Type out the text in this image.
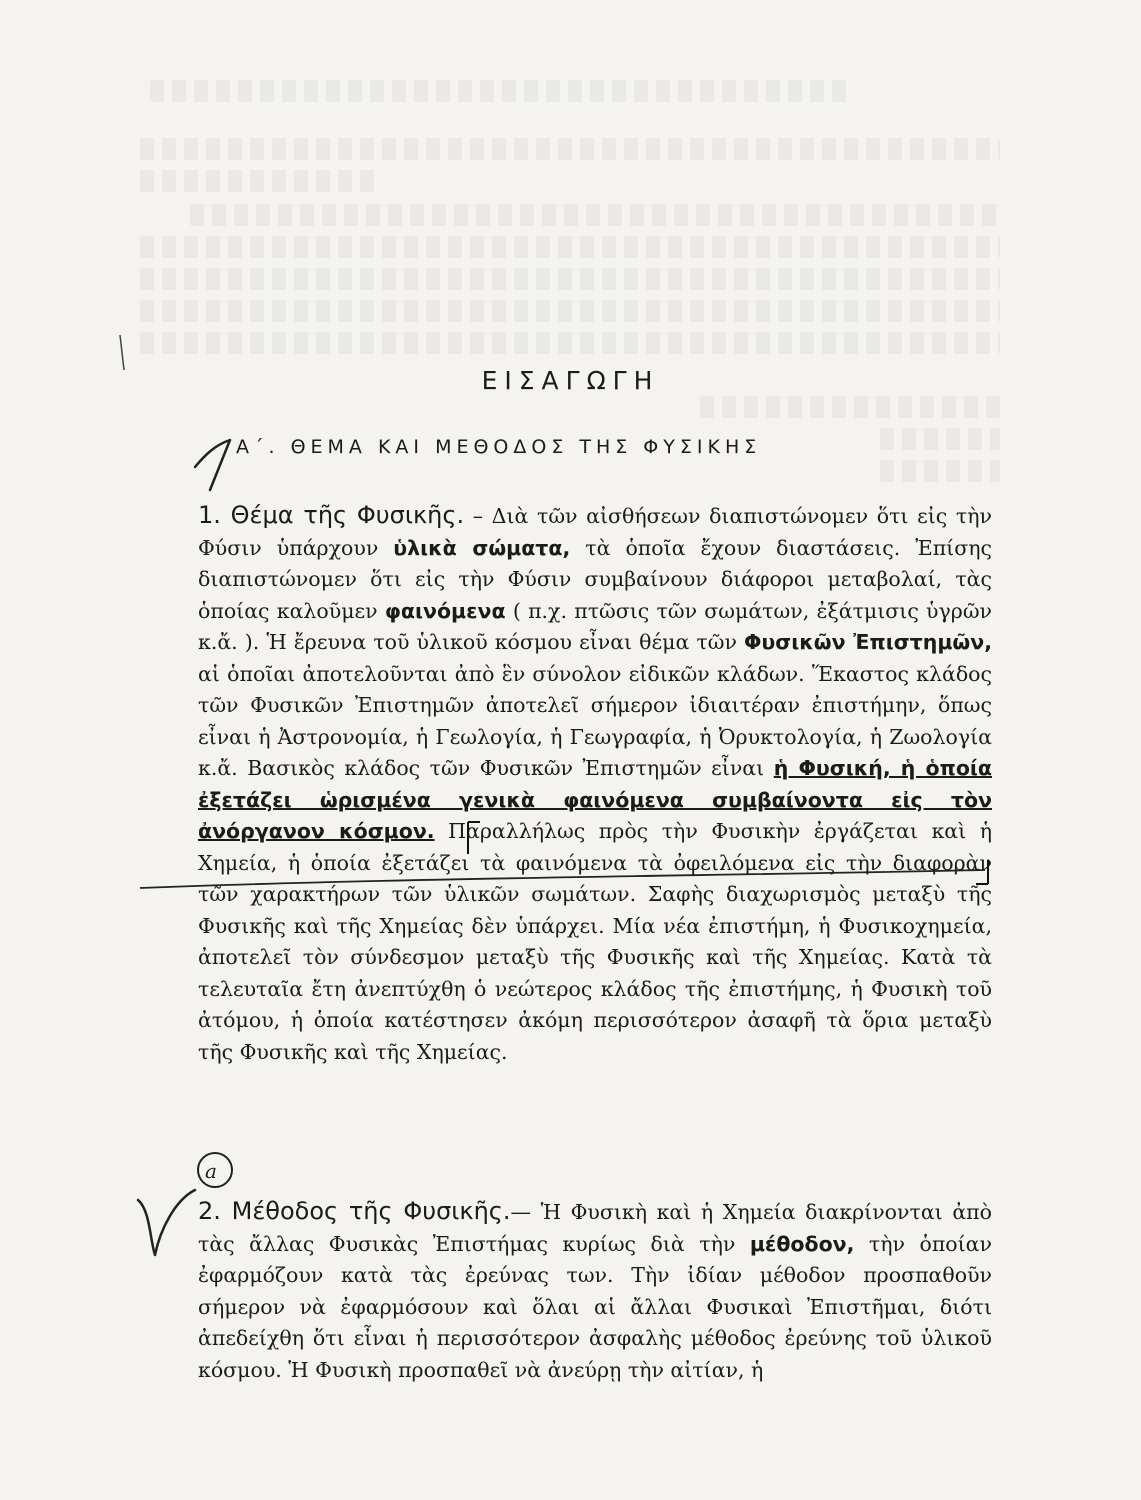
ΕΙΣΑΓΩΓΗ
Α΄. ΘΕΜΑ ΚΑΙ ΜΕΘΟΔΟΣ ΤΗΣ ΦΥΣΙΚΗΣ

1. Θέμα τῆς Φυσικῆς. – Διὰ τῶν αἰσθήσεων διαπιστώνομεν ὅτι εἰς τὴν Φύσιν ὑπάρχουν ὑλικὰ σώματα, τὰ ὁποῖα ἔχουν διαστάσεις. Ἐπίσης διαπιστώνομεν ὅτι εἰς τὴν Φύσιν συμβαίνουν διάφοροι μεταβολαί, τὰς ὁποίας καλοῦμεν φαινόμενα ( π.χ. πτῶσις τῶν σωμάτων, ἐξάτμισις ὑγρῶν κ.ἄ. ). Ἡ ἔρευνα τοῦ ὑλικοῦ κόσμου εἶναι θέμα τῶν Φυσικῶν Ἐπιστημῶν, αἱ ὁποῖαι ἀποτελοῦνται ἀπὸ ἓν σύνολον εἰδικῶν κλάδων. Ἕκαστος κλάδος τῶν Φυσικῶν Ἐπιστημῶν ἀποτελεῖ σήμερον ἰδιαιτέραν ἐπιστήμην, ὅπως εἶναι ἡ Ἀστρονομία, ἡ Γεωλογία, ἡ Γεωγραφία, ἡ Ὀρυκτολογία, ἡ Ζωολογία κ.ἄ. Βασικὸς κλάδος τῶν Φυσικῶν Ἐπιστημῶν εἶναι ἡ Φυσική, ἡ ὁποία ἐξετάζει ὡρισμένα γενικὰ φαινόμενα συμβαίνοντα εἰς τὸν ἀνόργανον κόσμον. Παραλλήλως πρὸς τὴν Φυσικὴν ἐργάζεται καὶ ἡ Χημεία, ἡ ὁποία ἐξετάζει τὰ φαινόμενα τὰ ὀφειλόμενα εἰς τὴν διαφορὰν τῶν χαρακτήρων τῶν ὑλικῶν σωμάτων. Σαφὴς διαχωρισμὸς μεταξὺ τῆς Φυσικῆς καὶ τῆς Χημείας δὲν ὑπάρχει. Μία νέα ἐπιστήμη, ἡ Φυσικοχημεία, ἀποτελεῖ τὸν σύνδεσμον μεταξὺ τῆς Φυσικῆς καὶ τῆς Χημείας. Κατὰ τὰ τελευταῖα ἔτη ἀνεπτύχθη ὁ νεώτερος κλάδος τῆς ἐπιστήμης, ἡ Φυσικὴ τοῦ ἀτόμου, ἡ ὁποία κατέστησεν ἀκόμη περισσότερον ἀσαφῆ τὰ ὅρια μεταξὺ τῆς Φυσικῆς καὶ τῆς Χημείας.

2. Μέθοδος τῆς Φυσικῆς.— Ἡ Φυσικὴ καὶ ἡ Χημεία διακρίνονται ἀπὸ τὰς ἄλλας Φυσικὰς Ἐπιστήμας κυρίως διὰ τὴν μέθοδον, τὴν ὁποίαν ἐφαρμόζουν κατὰ τὰς ἐρεύνας των. Τὴν ἰδίαν μέθοδον προσπαθοῦν σήμερον νὰ ἐφαρμόσουν καὶ ὅλαι αἱ ἄλλαι Φυσικαὶ Ἐπιστῆμαι, διότι ἀπεδείχθη ὅτι εἶναι ἡ περισσότερον ἀσφαλὴς μέθοδος ἐρεύνης τοῦ ὑλικοῦ κόσμου. Ἡ Φυσικὴ προσπαθεῖ νὰ ἀνεύρῃ τὴν αἰτίαν, ἡ

a
